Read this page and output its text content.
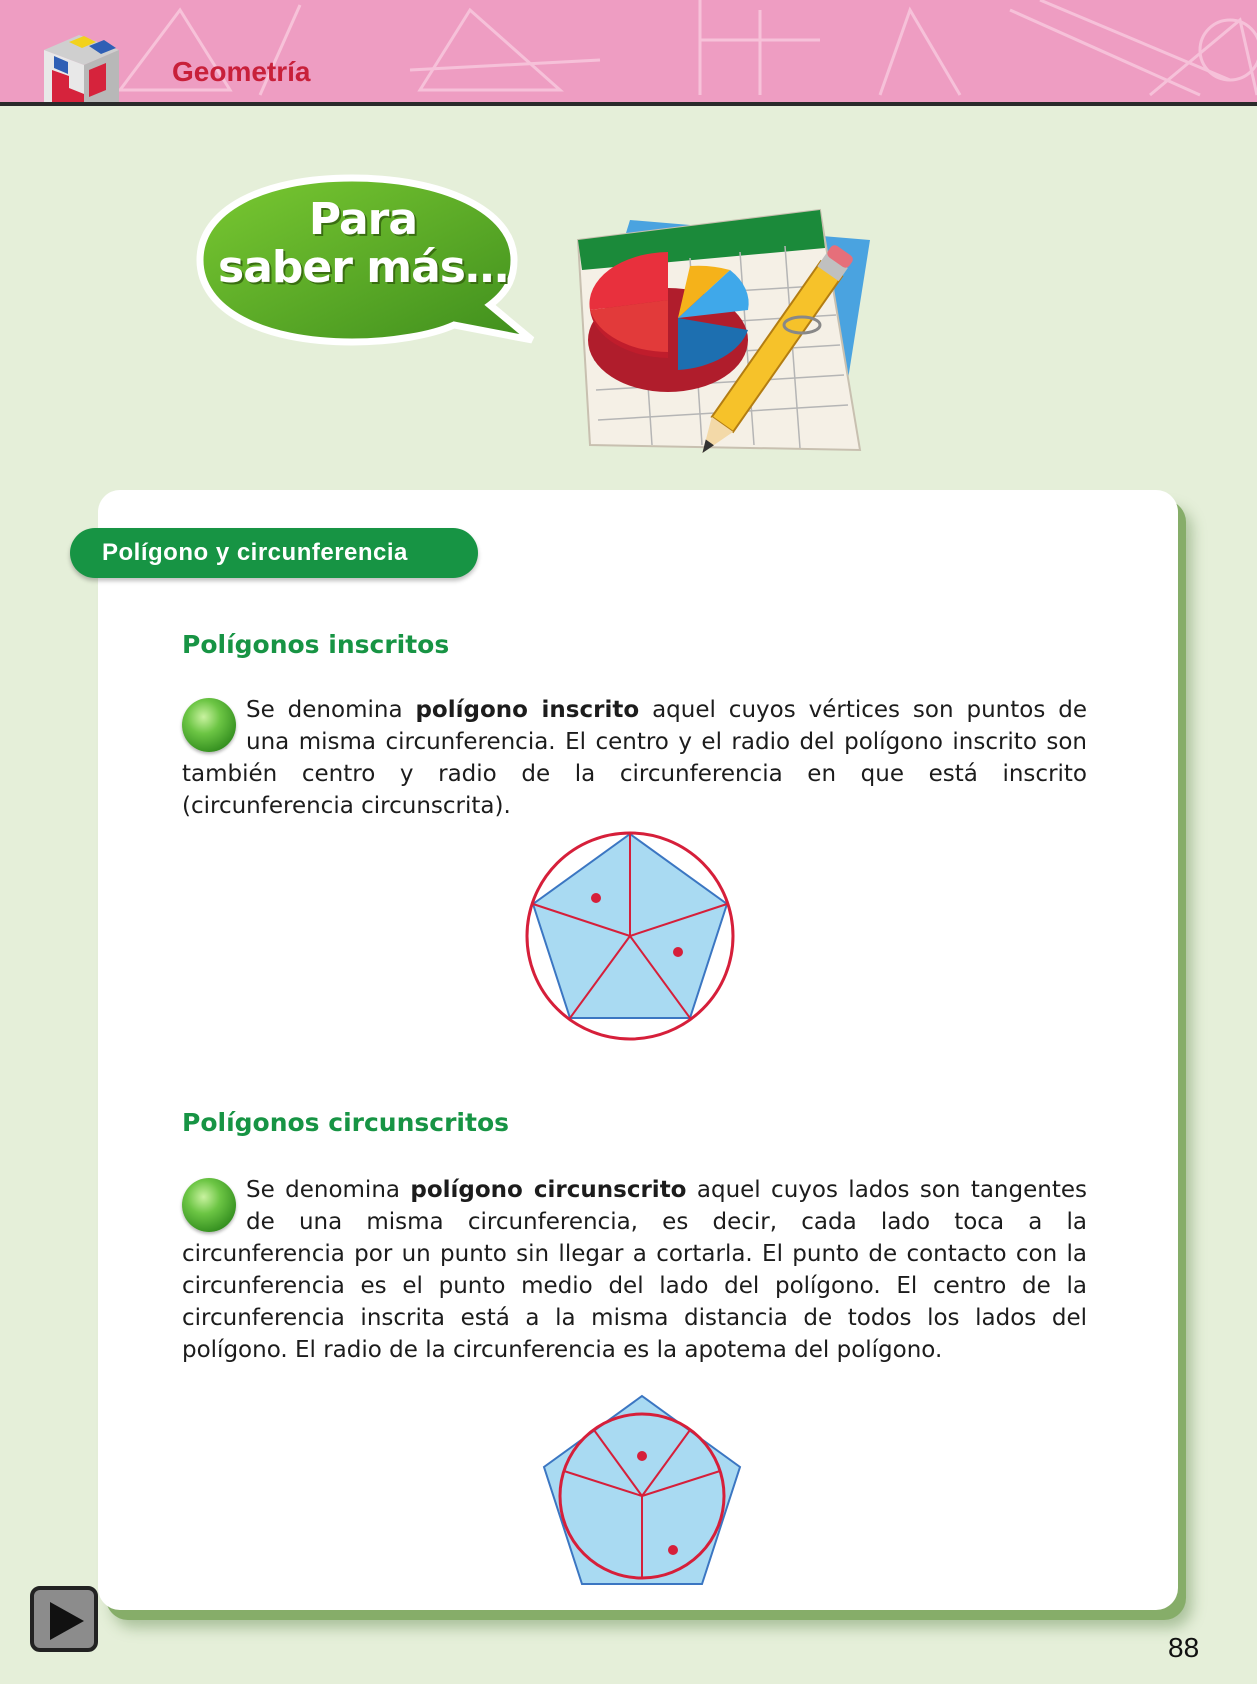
Geometría
Para
saber más…
Polígono y circunferencia
Polígonos inscritos
Se denomina polígono inscrito aquel cuyos vértices son puntos de una misma circunferencia. El centro y el radio del polígono inscrito son también centro y radio de la circunferencia en que está inscrito (circunferencia circunscrita).
Polígonos circunscritos
Se denomina polígono circunscrito aquel cuyos lados son tangentes de una misma circunferencia, es decir, cada lado toca a la circunferencia por un punto sin llegar a cortarla. El punto de contacto con la circunferencia es el punto medio del lado del polígono. El centro de la circunferencia inscrita está a la misma distancia de todos los lados del polígono. El radio de la circunferencia es la apotema del polígono.
88
